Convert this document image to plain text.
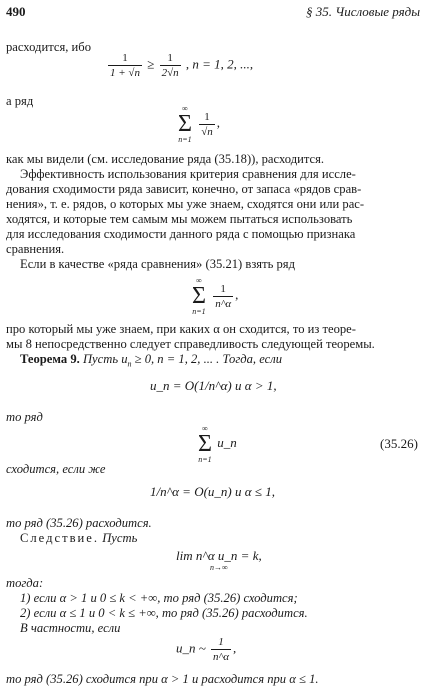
490	§ 35. Числовые ряды
расходится, ибо
$\frac{1}{1 + √n} \ge \frac{1}{2√n}$ , n = 1, 2, ...,
а ряд
∞
Σ
n=1

$\frac{1}{√n}$ ,
как мы видели (см. исследование ряда (35.18)), расходится.
Эффективность использования критерия сравнения для иссле-
дования сходимости ряда зависит, конечно, от запаса «рядов срав-
нения», т. е. рядов, о которых мы уже знаем, сходятся они или рас-
ходятся, и которые тем самым мы можем пытаться использовать
для исследования сходимости данного ряда с помощью признака
сравнения.
Если в качестве «ряда сравнения» (35.21) взять ряд
∞
Σ
n=1

$\frac{1}{n\^{}\alpha}$ ,
про который мы уже знаем, при каких α он сходится, то из теоре-
мы 8 непосредственно следует справедливость следующей теоремы.
Теорема 9. Пусть $u_n \ge 0$, n = 1, 2, ... . Тогда, если
u_n = O(1/n^α) и α > 1,
то ряд
∞
Σ
n=1
u_n	(35.26)
сходится, если же
1/n^α = O(u_n) и α ≤ 1,
то ряд (35.26) расходится.
Следствие. Пусть
lim n^α u_n = k,
n→∞
тогда:
1) если α > 1 и 0 ≤ k < +∞, то ряд (35.26) сходится;
2) если α ≤ 1 и 0 < k ≤ +∞, то ряд (35.26) расходится.
В частности, если
u_n ~ $\frac{1}{n\^{}\alpha}$ ,
то ряд (35.26) сходится при α > 1 и расходится при α ≤ 1.
